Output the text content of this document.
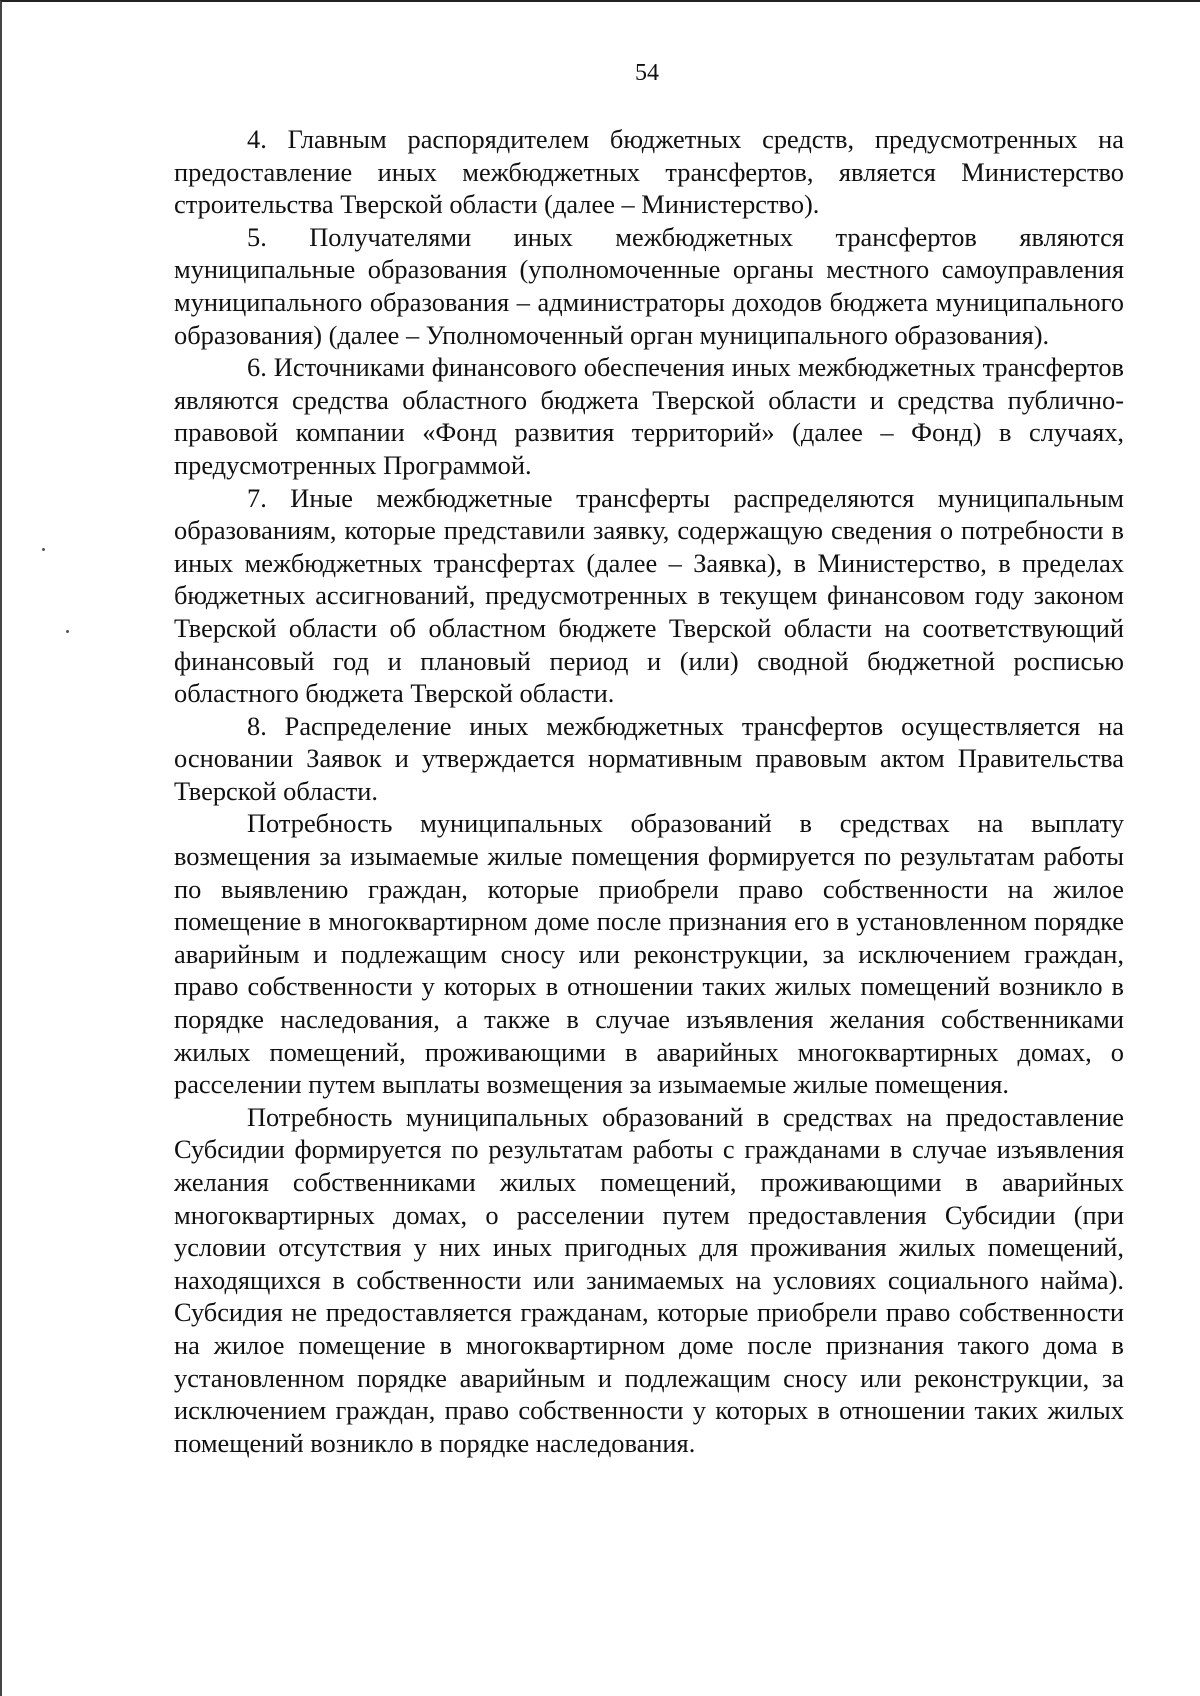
54

4. Главным распорядителем бюджетных средств, предусмотренных на предоставление иных межбюджетных трансфертов, является Министерство строительства Тверской области (далее – Министерство).

5. Получателями иных межбюджетных трансфертов являются муниципальные образования (уполномоченные органы местного самоуправления муниципального образования – администраторы доходов бюджета муниципального образования) (далее – Уполномоченный орган муниципального образования).

6. Источниками финансового обеспечения иных межбюджетных трансфертов являются средства областного бюджета Тверской области и средства публично-правовой компании «Фонд развития территорий» (далее – Фонд) в случаях, предусмотренных Программой.

7. Иные межбюджетные трансферты распределяются муниципальным образованиям, которые представили заявку, содержащую сведения о потребности в иных межбюджетных трансфертах (далее – Заявка), в Министерство, в пределах бюджетных ассигнований, предусмотренных в текущем финансовом году законом Тверской области об областном бюджете Тверской области на соответствующий финансовый год и плановый период и (или) сводной бюджетной росписью областного бюджета Тверской области.

8. Распределение иных межбюджетных трансфертов осуществляется на основании Заявок и утверждается нормативным правовым актом Правительства Тверской области.

Потребность муниципальных образований в средствах на выплату возмещения за изымаемые жилые помещения формируется по результатам работы по выявлению граждан, которые приобрели право собственности на жилое помещение в многоквартирном доме после признания его в установленном порядке аварийным и подлежащим сносу или реконструкции, за исключением граждан, право собственности у которых в отношении таких жилых помещений возникло в порядке наследования, а также в случае изъявления желания собственниками жилых помещений, проживающими в аварийных многоквартирных домах, о расселении путем выплаты возмещения за изымаемые жилые помещения.

Потребность муниципальных образований в средствах на предоставление Субсидии формируется по результатам работы с гражданами в случае изъявления желания собственниками жилых помещений, проживающими в аварийных многоквартирных домах, о расселении путем предоставления Субсидии (при условии отсутствия у них иных пригодных для проживания жилых помещений, находящихся в собственности или занимаемых на условиях социального найма). Субсидия не предоставляется гражданам, которые приобрели право собственности на жилое помещение в многоквартирном доме после признания такого дома в установленном порядке аварийным и подлежащим сносу или реконструкции, за исключением граждан, право собственности у которых в отношении таких жилых помещений возникло в порядке наследования.
